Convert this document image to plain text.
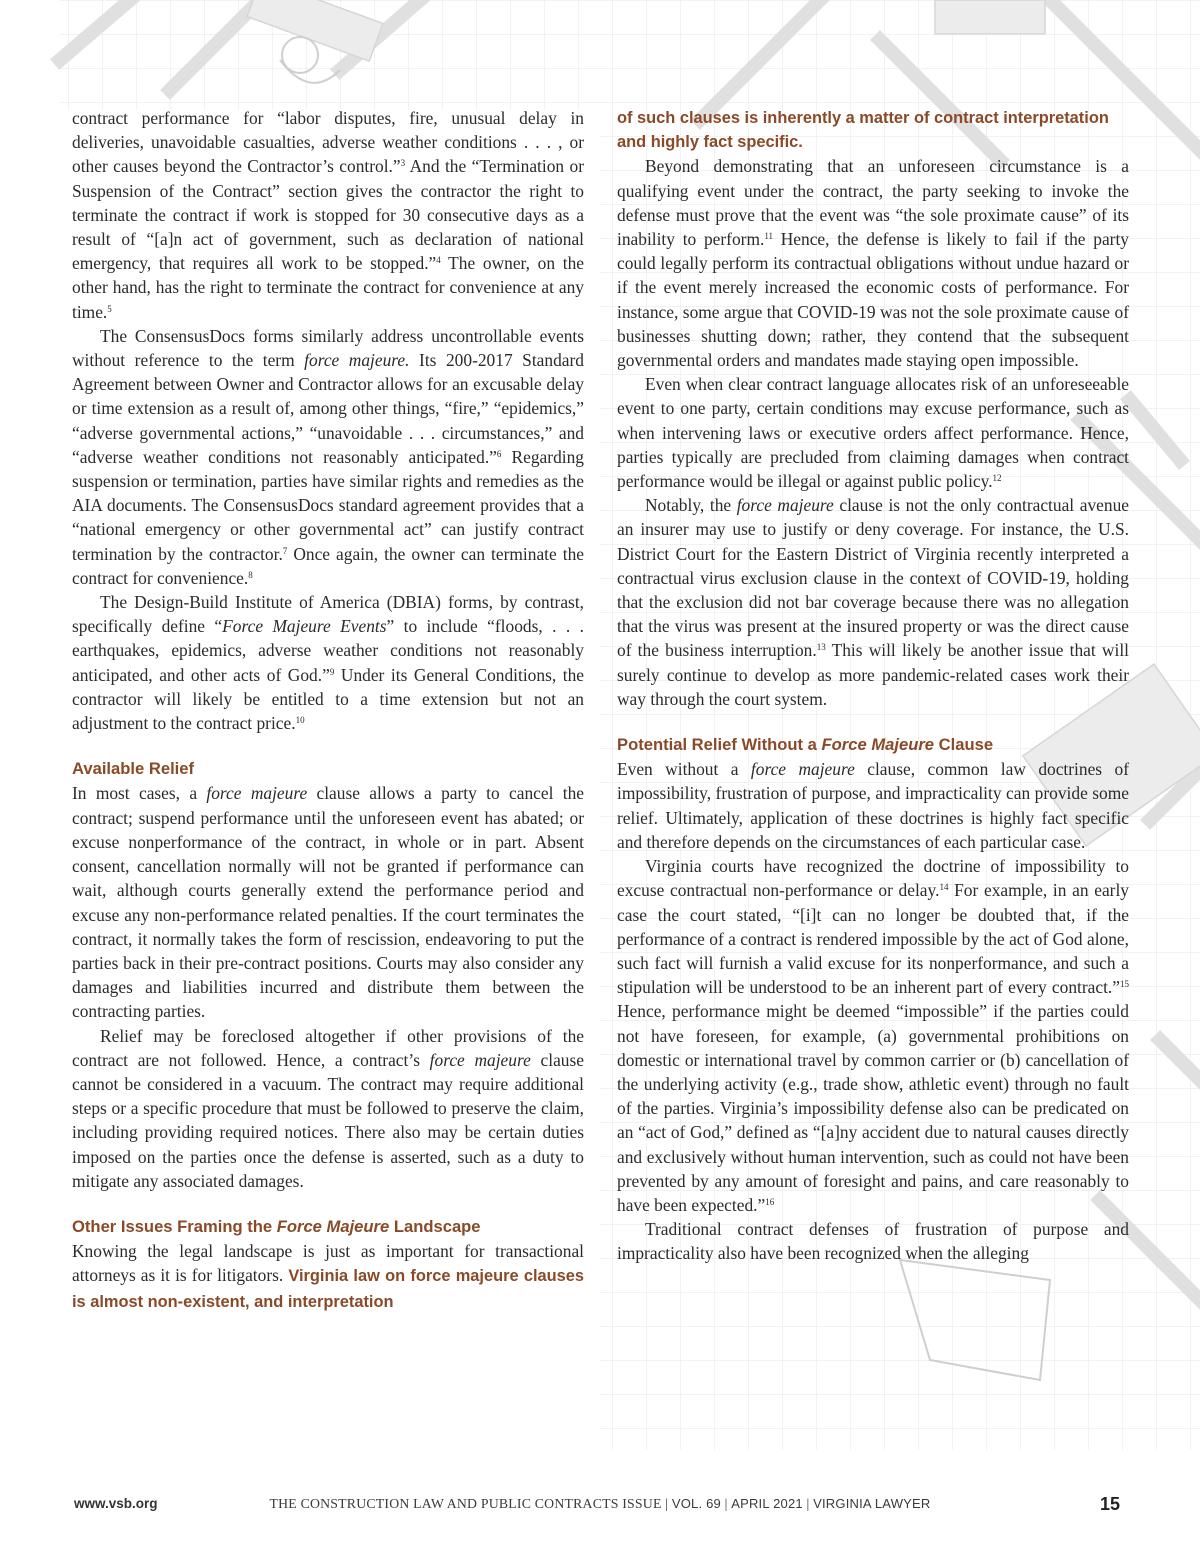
contract performance for “labor disputes, fire, unusual delay in deliveries, unavoidable casualties, adverse weather conditions . . . , or other causes beyond the Contractor’s control.”$^3$ And the “Termination or Suspension of the Contract” section gives the contractor the right to terminate the contract if work is stopped for 30 consecutive days as a result of “[a]n act of government, such as declaration of national emergency, that requires all work to be stopped.”$^4$ The owner, on the other hand, has the right to terminate the contract for convenience at any time.$^5$

The ConsensusDocs forms similarly address uncontrollable events without reference to the term force majeure. Its 200-2017 Standard Agreement between Owner and Contractor allows for an excusable delay or time extension as a result of, among other things, “fire,” “epidemics,” “adverse governmental actions,” “unavoidable . . . circumstances,” and “adverse weather conditions not reasonably anticipated.”$^6$ Regarding suspension or termination, parties have similar rights and remedies as the AIA documents. The ConsensusDocs standard agreement provides that a “national emergency or other governmental act” can justify contract termination by the contractor.$^7$ Once again, the owner can terminate the contract for convenience.$^8$

The Design-Build Institute of America (DBIA) forms, by contrast, specifically define “Force Majeure Events” to include “floods, . . . earthquakes, epidemics, adverse weather conditions not reasonably anticipated, and other acts of God.”$^9$ Under its General Conditions, the contractor will likely be entitled to a time extension but not an adjustment to the contract price.$^{10}$

Available Relief

In most cases, a force majeure clause allows a party to cancel the contract; suspend performance until the unforeseen event has abated; or excuse nonperformance of the contract, in whole or in part. Absent consent, cancellation normally will not be granted if performance can wait, although courts generally extend the performance period and excuse any non-performance related penalties. If the court terminates the contract, it normally takes the form of rescission, endeavoring to put the parties back in their pre-contract positions. Courts may also consider any damages and liabilities incurred and distribute them between the contracting parties.

Relief may be foreclosed altogether if other provisions of the contract are not followed. Hence, a contract’s force majeure clause cannot be considered in a vacuum. The contract may require additional steps or a specific procedure that must be followed to preserve the claim, including providing required notices. There also may be certain duties imposed on the parties once the defense is asserted, such as a duty to mitigate any associated damages.

Other Issues Framing the Force Majeure Landscape

Knowing the legal landscape is just as important for transactional attorneys as it is for litigators. Virginia law on force majeure clauses is almost non-existent, and interpretation

of such clauses is inherently a matter of contract interpretation and highly fact specific.

Beyond demonstrating that an unforeseen circumstance is a qualifying event under the contract, the party seeking to invoke the defense must prove that the event was “the sole proximate cause” of its inability to perform.$^{11}$ Hence, the defense is likely to fail if the party could legally perform its contractual obligations without undue hazard or if the event merely increased the economic costs of performance. For instance, some argue that COVID-19 was not the sole proximate cause of businesses shutting down; rather, they contend that the subsequent governmental orders and mandates made staying open impossible.

Even when clear contract language allocates risk of an unforeseeable event to one party, certain conditions may excuse performance, such as when intervening laws or executive orders affect performance. Hence, parties typically are precluded from claiming damages when contract performance would be illegal or against public policy.$^{12}$

Notably, the force majeure clause is not the only contractual avenue an insurer may use to justify or deny coverage. For instance, the U.S. District Court for the Eastern District of Virginia recently interpreted a contractual virus exclusion clause in the context of COVID-19, holding that the exclusion did not bar coverage because there was no allegation that the virus was present at the insured property or was the direct cause of the business interruption.$^{13}$ This will likely be another issue that will surely continue to develop as more pandemic-related cases work their way through the court system.

Potential Relief Without a Force Majeure Clause

Even without a force majeure clause, common law doctrines of impossibility, frustration of purpose, and impracticality can provide some relief. Ultimately, application of these doctrines is highly fact specific and therefore depends on the circumstances of each particular case.

Virginia courts have recognized the doctrine of impossibility to excuse contractual non-performance or delay.$^{14}$ For example, in an early case the court stated, “[i]t can no longer be doubted that, if the performance of a contract is rendered impossible by the act of God alone, such fact will furnish a valid excuse for its nonperformance, and such a stipulation will be understood to be an inherent part of every contract.”$^{15}$ Hence, performance might be deemed “impossible” if the parties could not have foreseen, for example, (a) governmental prohibitions on domestic or international travel by common carrier or (b) cancellation of the underlying activity (e.g., trade show, athletic event) through no fault of the parties. Virginia’s impossibility defense also can be predicated on an “act of God,” defined as “[a]ny accident due to natural causes directly and exclusively without human intervention, such as could not have been prevented by any amount of foresight and pains, and care reasonably to have been expected.”$^{16}$

Traditional contract defenses of frustration of purpose and impracticality also have been recognized when the alleging

www.vsb.org	THE CONSTRUCTION LAW AND PUBLIC CONTRACTS ISSUE | VOL. 69 | APRIL 2021 | VIRGINIA LAWYER	15
